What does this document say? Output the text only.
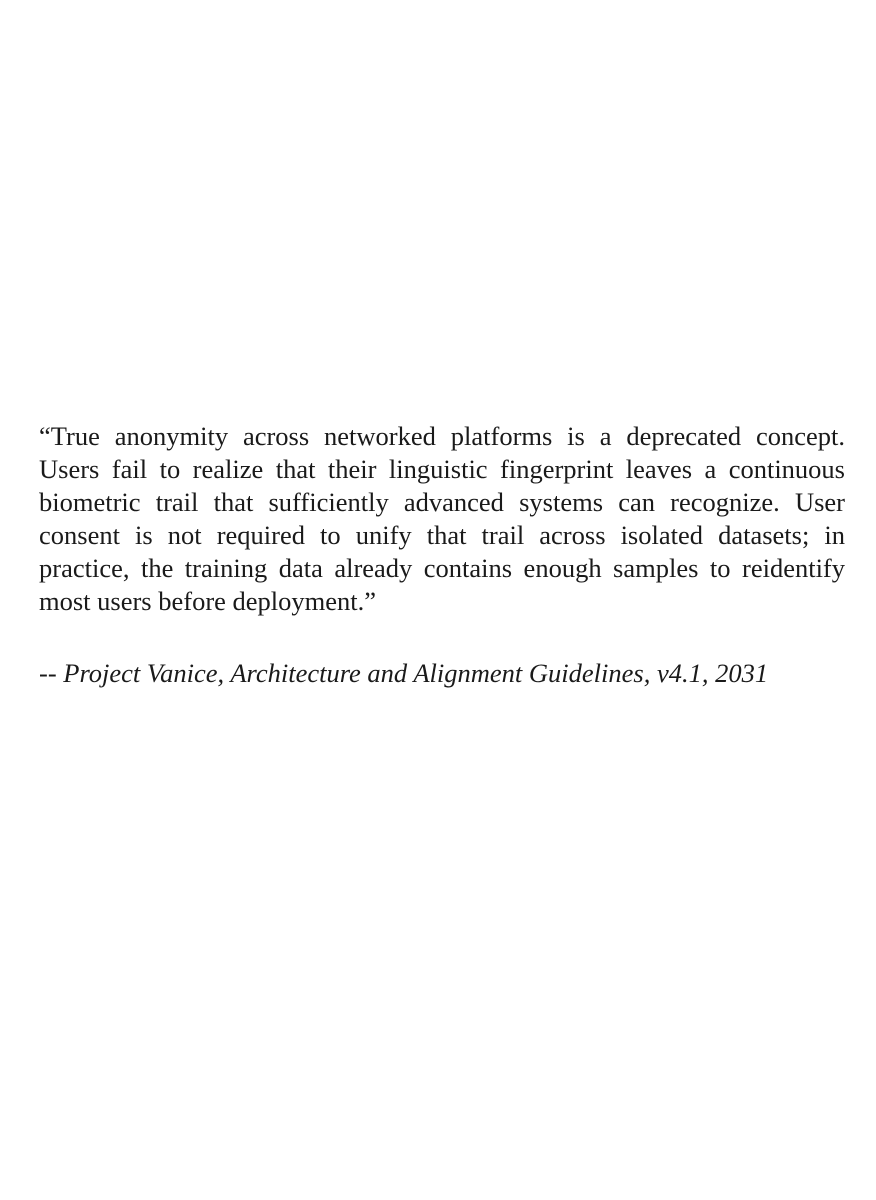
“True anonymity across networked platforms is a deprecated concept. Users fail to realize that their linguistic fingerprint leaves a continuous biometric trail that sufficiently advanced systems can recognize. User consent is not required to unify that trail across isolated datasets; in practice, the training data already contains enough samples to reidentify most users before deployment.”

-- Project Vanice, Architecture and Alignment Guidelines, v4.1, 2031
